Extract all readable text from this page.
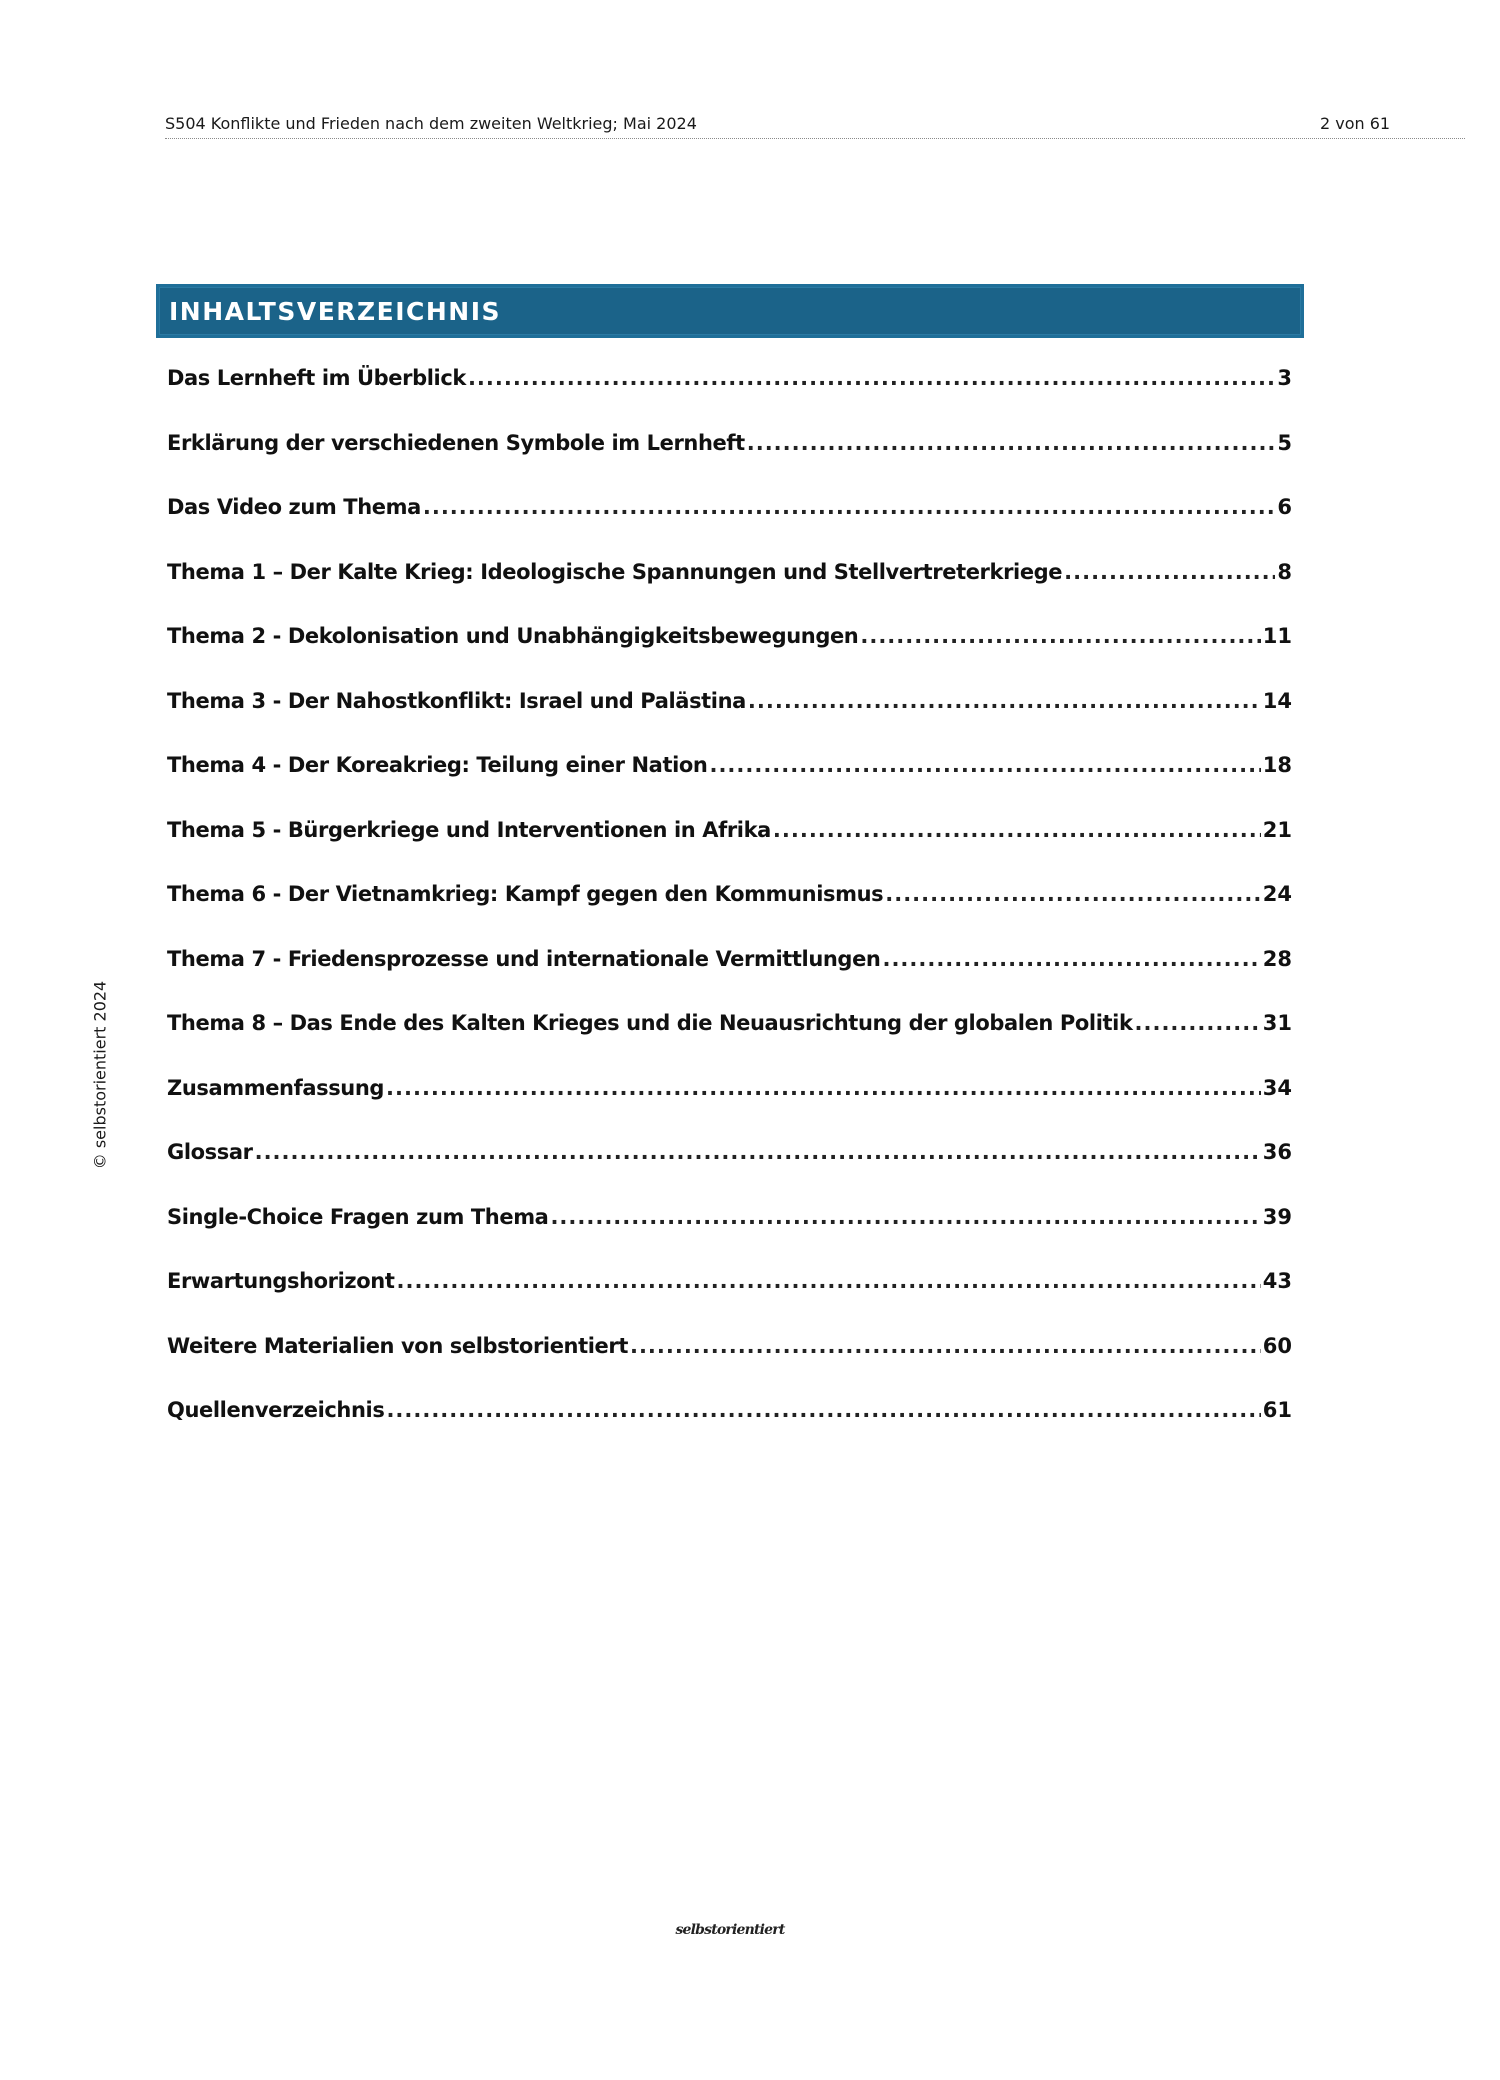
S504 Konflikte und Frieden nach dem zweiten Weltkrieg; Mai 2024	2 von 61
© selbstorientiert 2024
INHALTSVERZEICHNIS
Das Lernheft im Überblick .....	3
Erklärung der verschiedenen Symbole im Lernheft .....	5
Das Video zum Thema .....	6
Thema 1 – Der Kalte Krieg: Ideologische Spannungen und Stellvertreterkriege .....	8
Thema 2 - Dekolonisation und Unabhängigkeitsbewegungen .....	11
Thema 3 - Der Nahostkonflikt: Israel und Palästina .....	14
Thema 4 - Der Koreakrieg: Teilung einer Nation .....	18
Thema 5 - Bürgerkriege und Interventionen in Afrika .....	21
Thema 6 - Der Vietnamkrieg: Kampf gegen den Kommunismus .....	24
Thema 7 - Friedensprozesse und internationale Vermittlungen .....	28
Thema 8 – Das Ende des Kalten Krieges und die Neuausrichtung der globalen Politik .....	31
Zusammenfassung .....	34
Glossar .....	36
Single-Choice Fragen zum Thema .....	39
Erwartungshorizont .....	43
Weitere Materialien von selbstorientiert .....	60
Quellenverzeichnis .....	61
selbstorientiert
